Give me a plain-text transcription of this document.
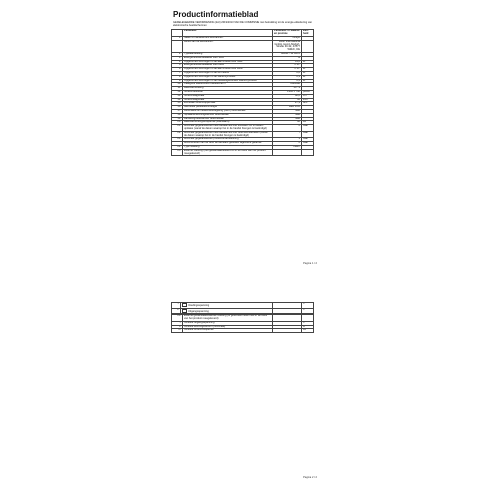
Productinformatieblad
GEDELEGEERDE VERORDENING (EU) 2019/2013 VAN DE COMMISSIE met betrekking tot de energie-etikettering van elektronische beeldschermen
	Parameter	Parameter of waarde en precisie	Een- heid
1.	Naam of handelsmerk leverancier:	Onkyo	
	Adres van de leverancier:	Zeon International GmbH, Heinz-Nixdorf-Straße 30-32, 47877 Willich, DE	
2.	Typeaanduiding	SMART 32 HD.2	
3.	Energie-efficiëntieklasse voor SDR	G	
4.	Opgenomen vermogen in de aan-modus voor SDR	31,0	W
5.	Energie-efficiëntieklasse voor HDR	n.v.t.	
6.	Opgenomen vermogen in de aan-modus voor HDR	n.v.t.	W
7.	Opgenomen vermogen in de uit-modus	0,0	W
8.	Opgenomen vermogen in de stand-bymodus	0,3	W
9.	Opgenomen vermogen in de netwerkgebonden stand-bymodus	0,5	W
10.	Categorie elektronisch beeldscherm	Televisie	
11.	Beeldverhouding	16 : 9	
12.	Schermresolutie	1366 x 768	pixels
13.	Schermdiagonaal	80,0	cm
14.	Schermdiagonaal	32	inch
15.	Zichtbaar schermoppervlak	27,3	dm²
16.	Gebruikte paneeltechnologie	LED LCD	
17.	Automatische helderheidsregeling (ABC) beschikbaar	Nee	
18.	Spraakherkenningssensor beschikbaar	Nee	
19.	Aanwezigheidssensor beschikbaar	Nee	
20.	Beeldverversingsfrequentie (standaard)	60	Hz
21.	Minimale gegarandeerde beschikbaarheid van software- en firmware-updates (vanaf de datum waarop het in de handel brengen is beëindigd)	2	Jaar
22.	Minimale gegarandeerde beschikbaarheid van reserveonderdelen (vanaf de datum waarop het in de handel brengen is beëindigd)	7	Jaar
23.	Minimale gegarandeerde productondersteuning	3	Jaar
	Minimumduur van de door de fabrikant geboden algemene garantie	2	Jaar
24.	Type voeding	Intern	
25.	Externe voeding (niet gestandaardiseerd en in de doos van het product meegeleverd)		
Pagina 1 / 2
i.	Voedingsspanning		V
ii.	Uitgangsspanning		V
26.	Externe gestandaardiseerde voeding (of geschikte indien niet in de doos van het product meegeleverd)		
i.	Vereiste uitgangsspanning		V
ii.	Vereiste leveringsstroom (minimaal)		A
iii.	Vereiste stroomfrequentie		Hz
Pagina 2 / 2
